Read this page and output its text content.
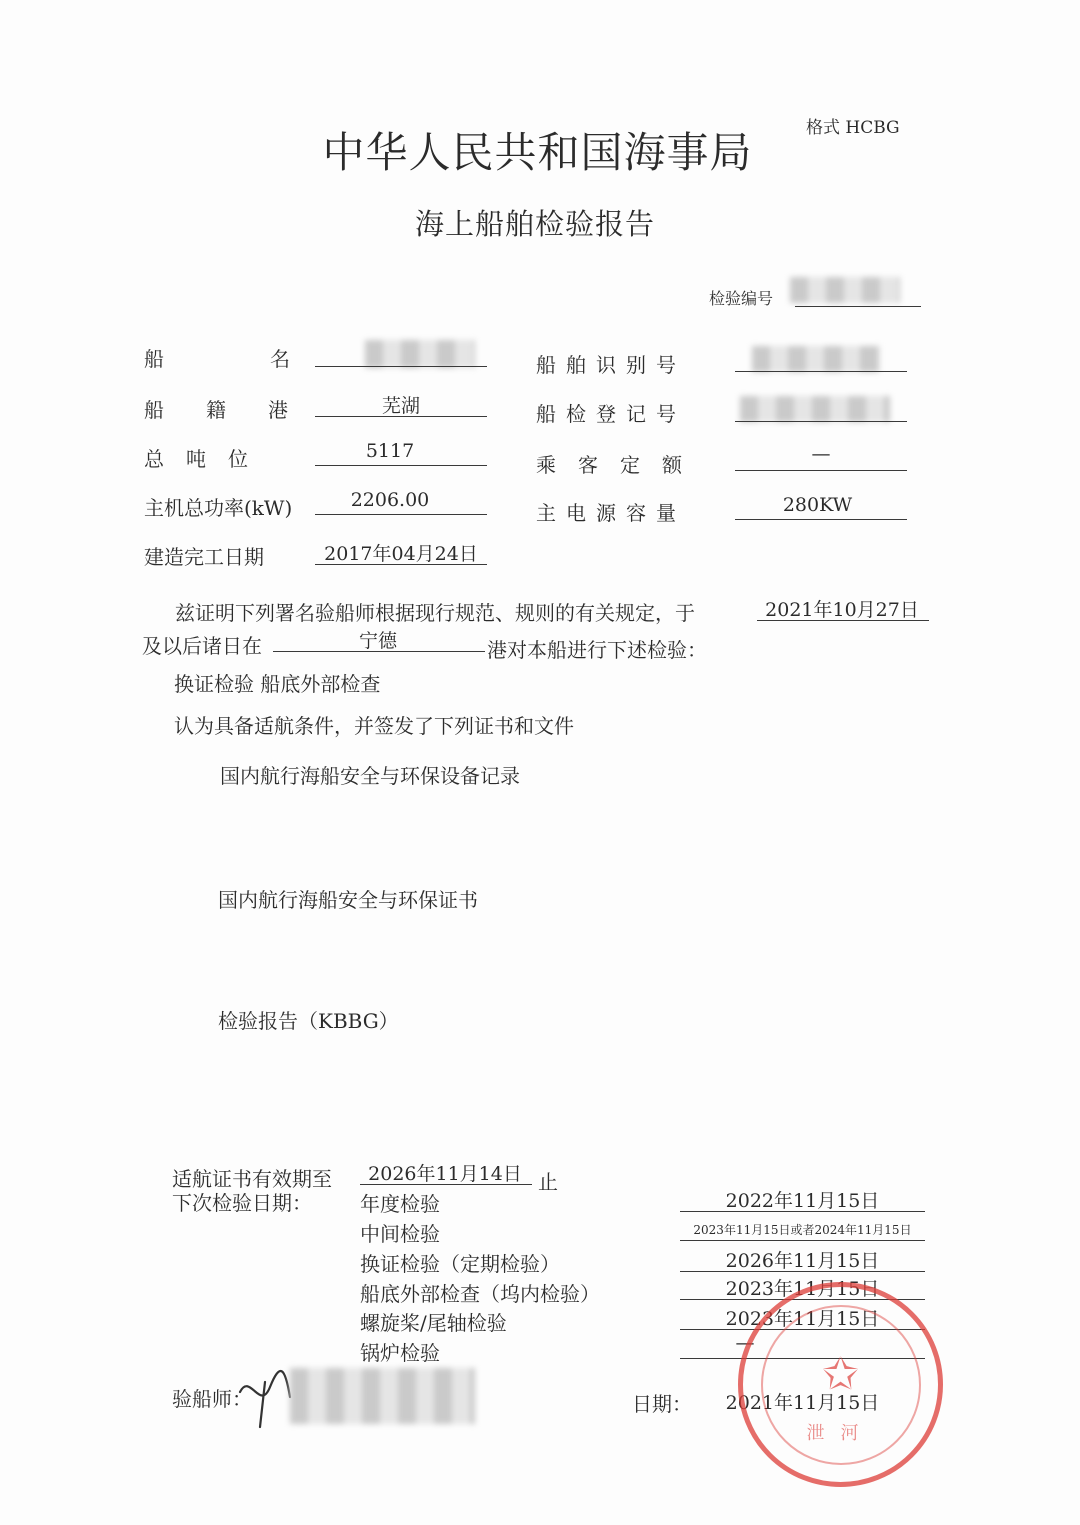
格式 HCBG
中华人民共和国海事局
海上船舶检验报告
检验编号
船	名
船 籍 港	芜湖
总 吨 位	5117
主机总功率(kW)	2206.00
建造完工日期	2017年04月24日
船舶识别号
船检登记号
乘客定额	—
主电源容量	280KW
兹证明下列署名验船师根据现行规范、规则的有关规定，于	2021年10月27日
及以后诸日在	宁德	港对本船进行下述检验：
换证检验 船底外部检查
认为具备适航条件，并签发了下列证书和文件
国内航行海船安全与环保设备记录
国内航行海船安全与环保证书
检验报告（KBBG）
适航证书有效期至	2026年11月14日 止
下次检验日期： 年度检验	2022年11月15日
中间检验	2023年11月15日或者2024年11月15日
换证检验（定期检验）	2026年11月15日
船底外部检查（坞内检验）	2023年11月15日
螺旋桨/尾轴检验	2023年11月15日
锅炉检验	—
验船师：	日期：	2021年11月15日
✩
泄河
